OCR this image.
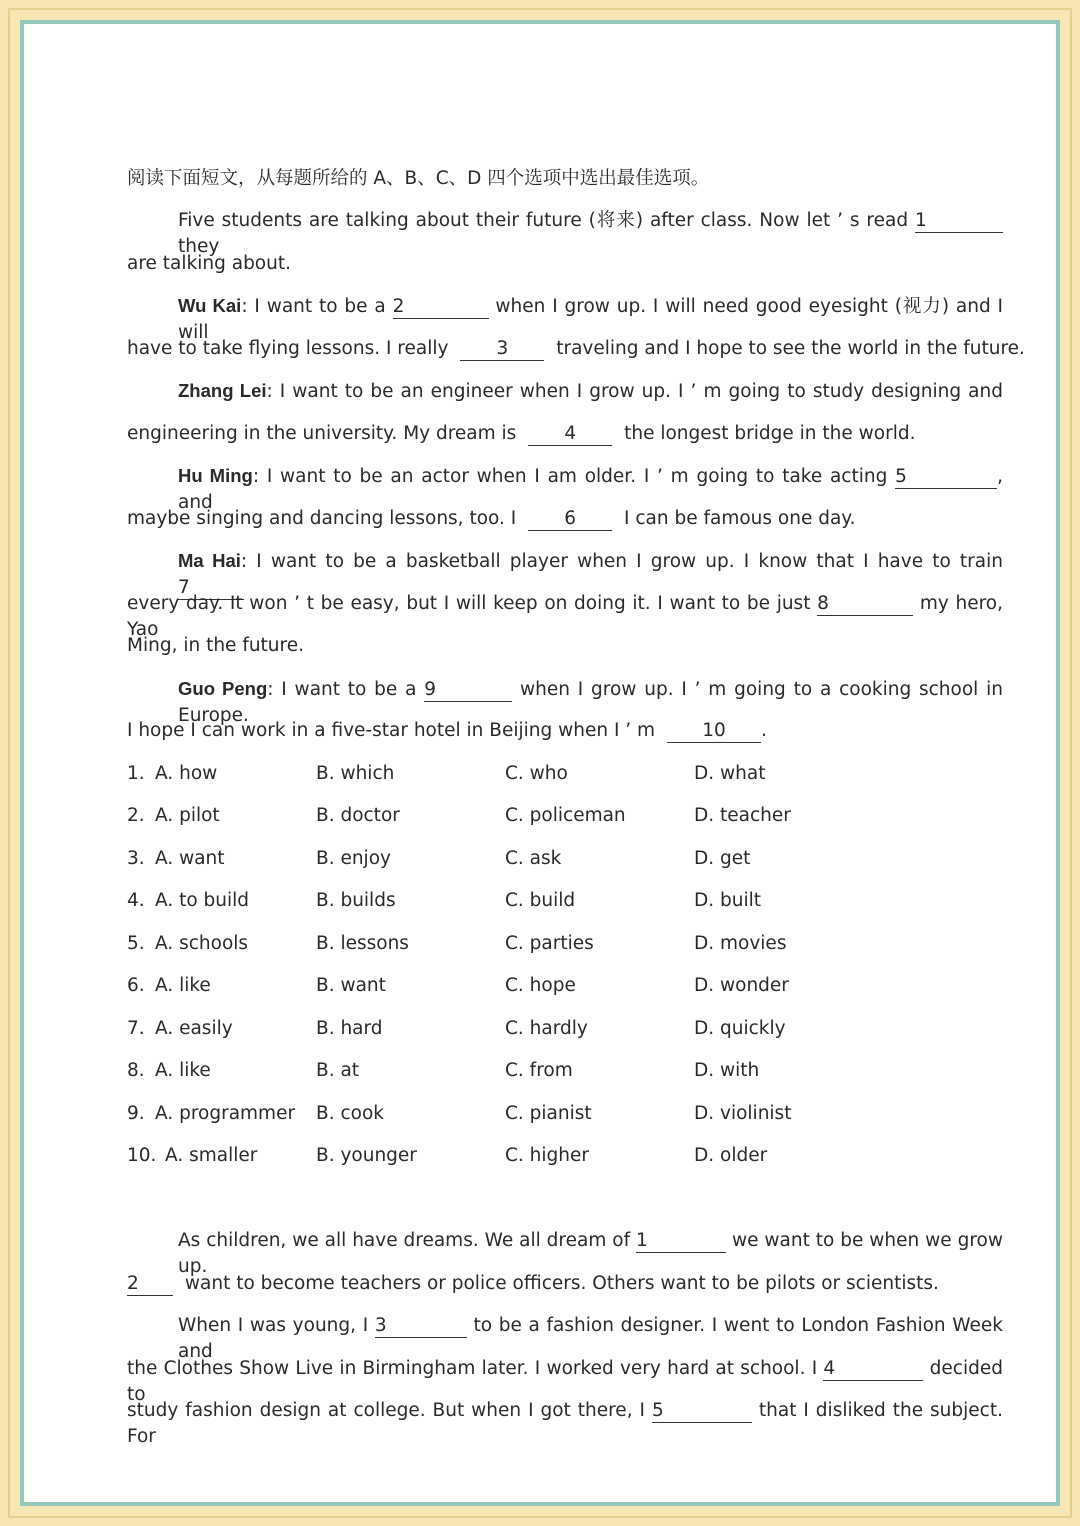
阅读下面短文，从每题所给的 A、B、C、D 四个选项中选出最佳选项。
Five students are talking about their future (将来) after class. Now let ’ s read 1 they
are talking about.
Wu Kai: I want to be a 2	when I grow up. I will need good eyesight (视力) and I will
have to take flying lessons. I really	3	traveling and I hope to see the world in the future.
Zhang Lei: I want to be an engineer when I grow up. I ’ m going to study designing and
engineering in the university. My dream is	4	the longest bridge in the world.
Hu Ming: I want to be an actor when I am older. I ’ m going to take acting 5	, and
maybe singing and dancing lessons, too. I	6	I can be famous one day.
Ma Hai: I want to be a basketball player when I grow up. I know that I have to train 7
every day. It won ’ t be easy, but I will keep on doing it. I want to be just 8	my hero, Yao
Ming, in the future.
Guo Peng: I want to be a 9	when I grow up. I ’ m going to a cooking school in Europe.
I hope I can work in a five-star hotel in Beijing when I ’ m	10 .
1. A. how	B. which	C. who	D. what
2. A. pilot	B. doctor	C. policeman	D. teacher
3. A. want	B. enjoy	C. ask	D. get
4. A. to build	B. builds	C. build	D. built
5. A. schools	B. lessons	C. parties	D. movies
6. A. like	B. want	C. hope	D. wonder
7. A. easily	B. hard	C. hardly	D. quickly
8. A. like	B. at	C. from	D. with
9. A. programmer B. cook	C. pianist	D. violinist
10. A. smaller	B. younger	C. higher	D. older
As children, we all have dreams. We all dream of 1	we want to be when we grow up.
2 want to become teachers or police officers. Others want to be pilots or scientists.
When I was young, I 3	to be a fashion designer. I went to London Fashion Week and
the Clothes Show Live in Birmingham later. I worked very hard at school. I 4	decided to
study fashion design at college. But when I got there, I 5	that I disliked the subject. For
